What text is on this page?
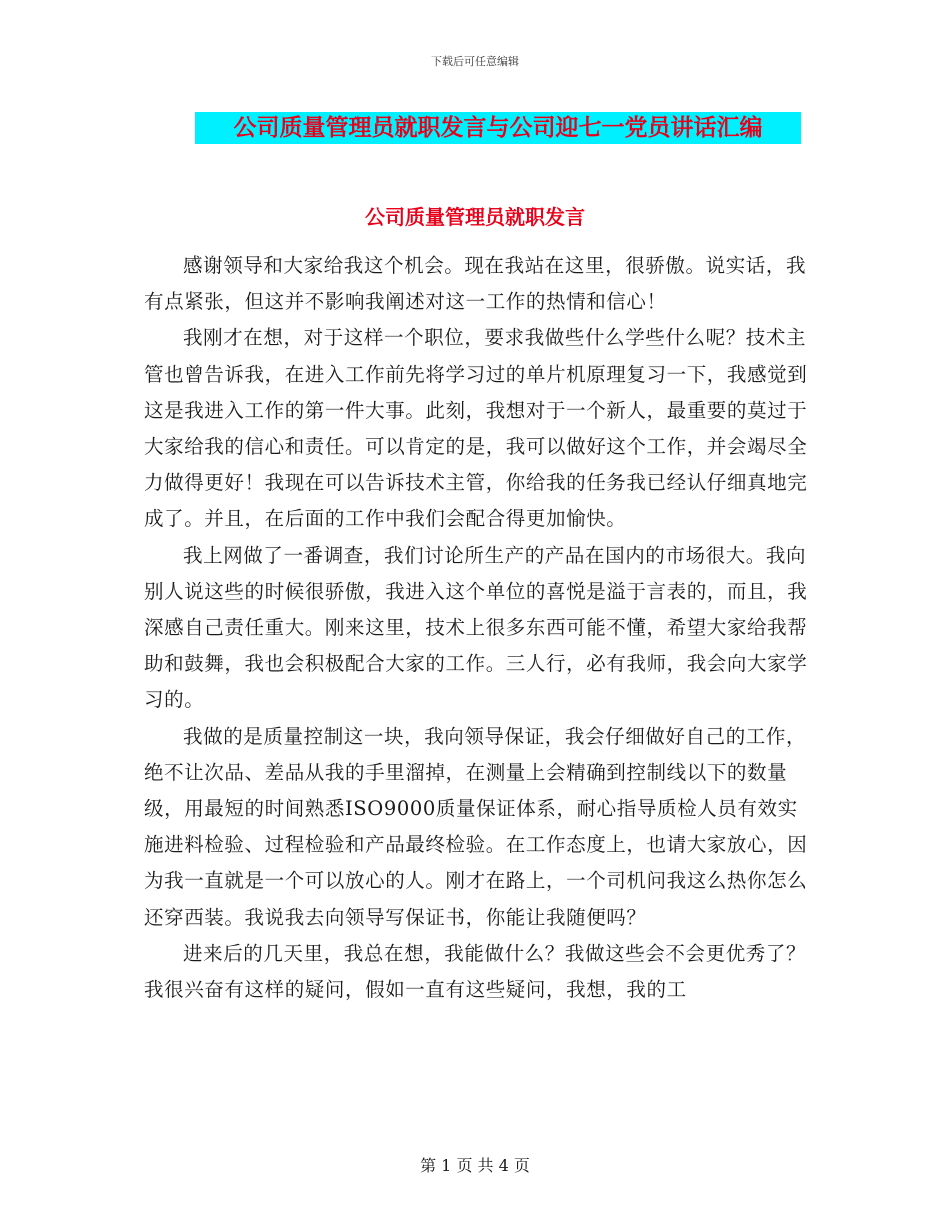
下载后可任意编辑
公司质量管理员就职发言与公司迎七一党员讲话汇编
公司质量管理员就职发言

感谢领导和大家给我这个机会。现在我站在这里，很骄傲。说实话，我有点紧张，但这并不影响我阐述对这一工作的热情和信心！

我刚才在想，对于这样一个职位，要求我做些什么学些什么呢？技术主管也曾告诉我，在进入工作前先将学习过的单片机原理复习一下，我感觉到这是我进入工作的第一件大事。此刻，我想对于一个新人，最重要的莫过于大家给我的信心和责任。可以肯定的是，我可以做好这个工作，并会竭尽全力做得更好！我现在可以告诉技术主管，你给我的任务我已经认仔细真地完成了。并且，在后面的工作中我们会配合得更加愉快。

我上网做了一番调查，我们讨论所生产的产品在国内的市场很大。我向别人说这些的时候很骄傲，我进入这个单位的喜悦是溢于言表的，而且，我深感自己责任重大。刚来这里，技术上很多东西可能不懂，希望大家给我帮助和鼓舞，我也会积极配合大家的工作。三人行，必有我师，我会向大家学习的。

我做的是质量控制这一块，我向领导保证，我会仔细做好自己的工作，绝不让次品、差品从我的手里溜掉，在测量上会精确到控制线以下的数量级，用最短的时间熟悉ISO9000质量保证体系，耐心指导质检人员有效实施进料检验、过程检验和产品最终检验。在工作态度上，也请大家放心，因为我一直就是一个可以放心的人。刚才在路上，一个司机问我这么热你怎么还穿西装。我说我去向领导写保证书，你能让我随便吗？

进来后的几天里，我总在想，我能做什么？我做这些会不会更优秀了？我很兴奋有这样的疑问，假如一直有这些疑问，我想，我的工

第 1 页 共 4 页
